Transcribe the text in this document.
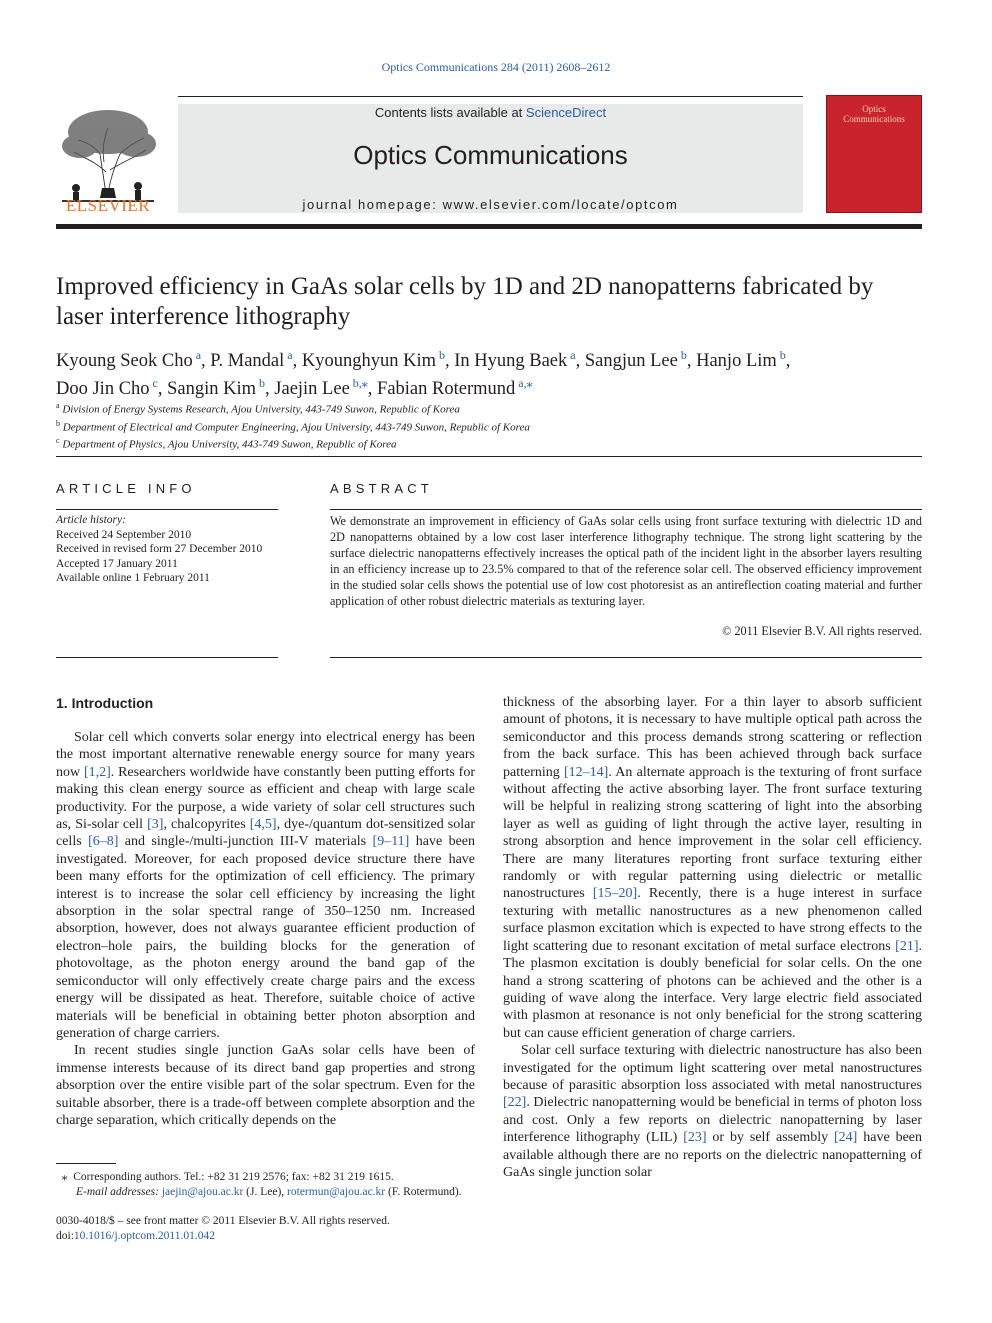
Optics Communications 284 (2011) 2608–2612
ELSEVIER
Contents lists available at ScienceDirect
Optics Communications
journal homepage: www.elsevier.com/locate/optcom
Optics
Communications
Improved efficiency in GaAs solar cells by 1D and 2D nanopatterns fabricated by laser interference lithography
Kyoung Seok Cho $^a$, P. Mandal $^a$, Kyounghyun Kim $^b$, In Hyung Baek $^a$, Sangjun Lee $^b$, Hanjo Lim $^b$,
Doo Jin Cho $^c$, Sangin Kim $^b$, Jaejin Lee $^{b,⁎}$, Fabian Rotermund $^{a,⁎}$
$^a$ Division of Energy Systems Research, Ajou University, 443-749 Suwon, Republic of Korea
$^b$ Department of Electrical and Computer Engineering, Ajou University, 443-749 Suwon, Republic of Korea
$^c$ Department of Physics, Ajou University, 443-749 Suwon, Republic of Korea
ARTICLE INFO	ABSTRACT
Article history:
Received 24 September 2010
Received in revised form 27 December 2010
Accepted 17 January 2011
Available online 1 February 2011
We demonstrate an improvement in efficiency of GaAs solar cells using front surface texturing with dielectric 1D and 2D nanopatterns obtained by a low cost laser interference lithography technique. The strong light scattering by the surface dielectric nanopatterns effectively increases the optical path of the incident light in the absorber layers resulting in an efficiency increase up to 23.5% compared to that of the reference solar cell. The observed efficiency improvement in the studied solar cells shows the potential use of low cost photoresist as an antireflection coating material and further application of other robust dielectric materials as texturing layer.
© 2011 Elsevier B.V. All rights reserved.
1. Introduction

Solar cell which converts solar energy into electrical energy has been the most important alternative renewable energy source for many years now [1,2]. Researchers worldwide have constantly been putting efforts for making this clean energy source as efficient and cheap with large scale productivity. For the purpose, a wide variety of solar cell structures such as, Si-solar cell [3], chalcopyrites [4,5], dye-/quantum dot-sensitized solar cells [6–8] and single-/multi-junction III-V materials [9–11] have been investigated. Moreover, for each proposed device structure there have been many efforts for the optimization of cell efficiency. The primary interest is to increase the solar cell efficiency by increasing the light absorption in the solar spectral range of 350–1250 nm. Increased absorption, however, does not always guarantee efficient production of electron–hole pairs, the building blocks for the generation of photovoltage, as the photon energy around the band gap of the semiconductor will only effectively create charge pairs and the excess energy will be dissipated as heat. Therefore, suitable choice of active materials will be beneficial in obtaining better photon absorption and generation of charge carriers.

In recent studies single junction GaAs solar cells have been of immense interests because of its direct band gap properties and strong absorption over the entire visible part of the solar spectrum. Even for the suitable absorber, there is a trade-off between complete absorption and the charge separation, which critically depends on the

thickness of the absorbing layer. For a thin layer to absorb sufficient amount of photons, it is necessary to have multiple optical path across the semiconductor and this process demands strong scattering or reflection from the back surface. This has been achieved through back surface patterning [12–14]. An alternate approach is the texturing of front surface without affecting the active absorbing layer. The front surface texturing will be helpful in realizing strong scattering of light into the absorbing layer as well as guiding of light through the active layer, resulting in strong absorption and hence improvement in the solar cell efficiency. There are many literatures reporting front surface texturing either randomly or with regular patterning using dielectric or metallic nanostructures [15–20]. Recently, there is a huge interest in surface texturing with metallic nanostructures as a new phenomenon called surface plasmon excitation which is expected to have strong effects to the light scattering due to resonant excitation of metal surface electrons [21]. The plasmon excitation is doubly beneficial for solar cells. On the one hand a strong scattering of photons can be achieved and the other is a guiding of wave along the interface. Very large electric field associated with plasmon at resonance is not only beneficial for the strong scattering but can cause efficient generation of charge carriers.

Solar cell surface texturing with dielectric nanostructure has also been investigated for the optimum light scattering over metal nanostructures because of parasitic absorption loss associated with metal nanostructures [22]. Dielectric nanopatterning would be beneficial in terms of photon loss and cost. Only a few reports on dielectric nanopatterning by laser interference lithography (LIL) [23] or by self assembly [24] have been available although there are no reports on the dielectric nanopatterning of GaAs single junction solar

⁎ Corresponding authors. Tel.: +82 31 219 2576; fax: +82 31 219 1615.
E-mail addresses: jaejin@ajou.ac.kr (J. Lee), rotermun@ajou.ac.kr (F. Rotermund).
0030-4018/$ – see front matter © 2011 Elsevier B.V. All rights reserved.
doi:10.1016/j.optcom.2011.01.042
